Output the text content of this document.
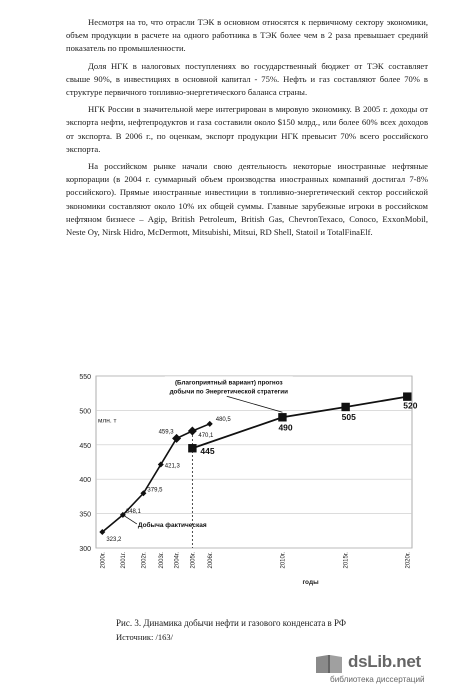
Несмотря на то, что отрасли ТЭК в основном относятся к первичному сектору экономики, объем продукции в расчете на одного работника в ТЭК более чем в 2 раза превышает средний показатель по промышленности.

Доля НГК в налоговых поступлениях во государственный бюджет от ТЭК составляет свыше 90%, в инвестициях в основной капитал - 75%. Нефть и газ составляют более 70% в структуре первичного топливно-энергетического баланса страны.

НГК России в значительной мере интегрирован в мировую экономику. В 2005 г. доходы от экспорта нефти, нефтепродуктов и газа составили около $150 млрд., или более 60% всех доходов от экспорта. В 2006 г., по оценкам, экспорт продукции НГК превысит 70% всего российского экспорта.

На российском рынке начали свою деятельность некоторые иностранные нефтяные корпорации (в 2004 г. суммарный объем производства иностранных компаний достигал 7-8% российского). Прямые иностранные инвестиции в топливно-энергетический сектор российской экономики составляют около 10% их общей суммы. Главные зарубежные игроки в российском нефтяном бизнесе – Agip, British Petroleum, British Gas, ChevronTexaco, Conoco, ExxonMobil, Neste Oy, Nirsk Hidro, McDermott, Mitsubishi, Mitsui, RD Shell, Statoil и TotalFinaElf.

300
350
400
450
500
550
млн. т
2000г. 2001г. 2002г. 2003г. 2004г. 2005г. 2006г.	2010г.	2015г.	2020г.
годы
323,2
348,1
379,5
421,3
459,3
470,1
480,5
445
490
505
520
(Благоприятный вариант) прогноз
добычи по Энергетической стратегии
Добыча фактическая
Рис. 3. Динамика добычи нефти и газового конденсата в РФ
Источник: /163/
dsLib.net
библиотека диссертаций
